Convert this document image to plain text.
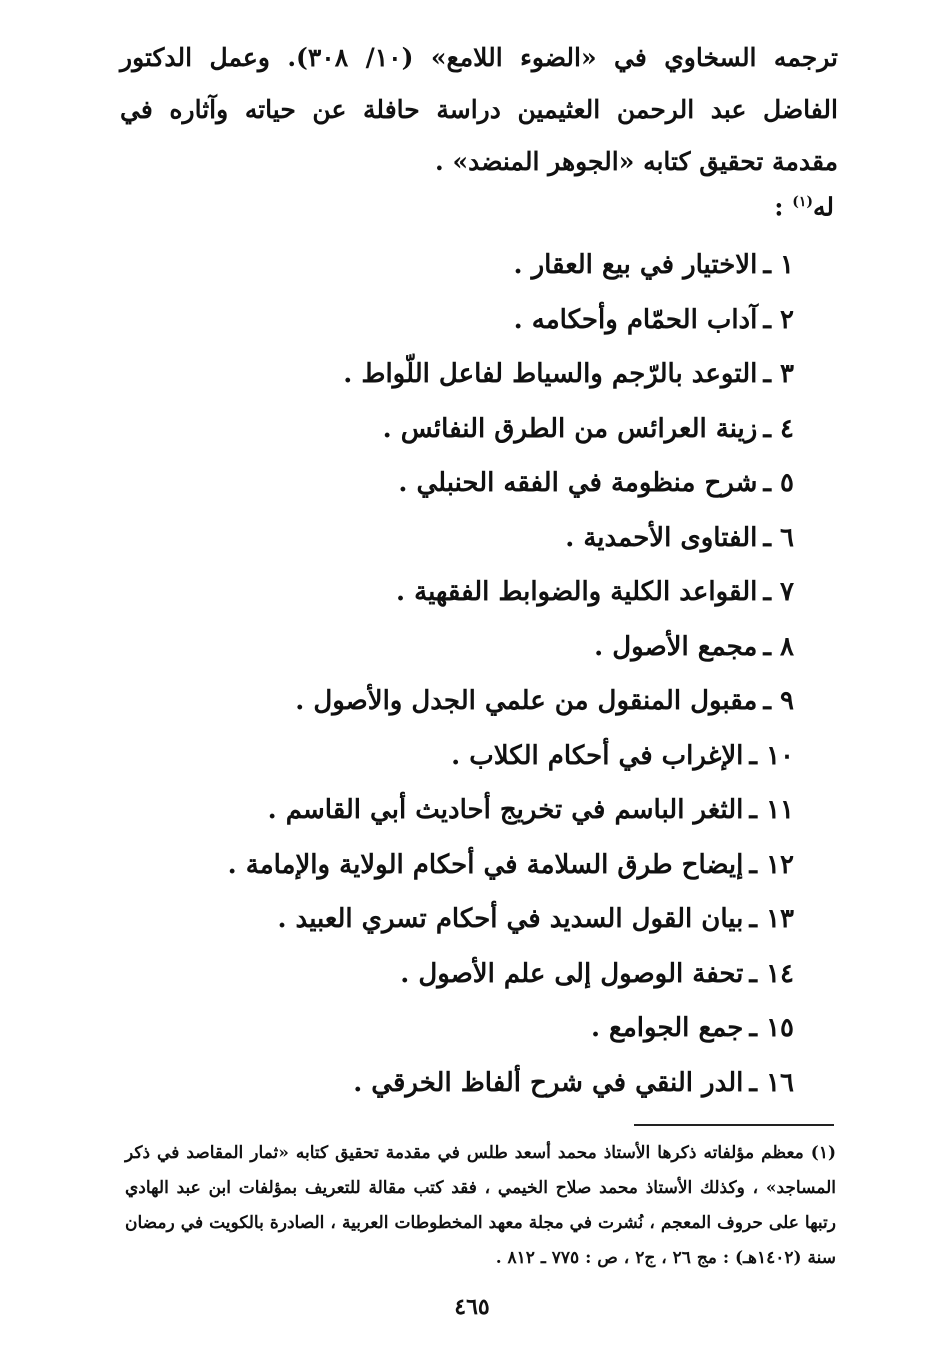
ترجمه السخاوي في «الضوء اللامع» (١٠/ ٣٠٨). وعمل الدكتور الفاضل عبد الرحمن العثيمين دراسة حافلة عن حياته وآثاره في مقدمة تحقيق كتابه «الجوهر المنضد» .

له$^{(١)}$ :
١ ـالاختيار في بيع العقار .
٢ ـآداب الحمّام وأحكامه .
٣ ـالتوعد بالرّجم والسياط لفاعل اللّواط .
٤ ـزينة العرائس من الطرق النفائس .
٥ ـشرح منظومة في الفقه الحنبلي .
٦ ـالفتاوى الأحمدية .
٧ ـالقواعد الكلية والضوابط الفقهية .
٨ ـمجمع الأصول .
٩ ـمقبول المنقول من علمي الجدل والأصول .
١٠ ـالإغراب في أحكام الكلاب .
١١ ـالثغر الباسم في تخريج أحاديث أبي القاسم .
١٢ ـإيضاح طرق السلامة في أحكام الولاية والإمامة .
١٣ ـبيان القول السديد في أحكام تسري العبيد .
١٤ ـتحفة الوصول إلى علم الأصول .
١٥ ـجمع الجوامع .
١٦ ـالدر النقي في شرح ألفاظ الخرقي .

(١) معظم مؤلفاته ذكرها الأستاذ محمد أسعد طلس في مقدمة تحقيق كتابه «ثمار المقاصد في ذكر المساجد» ، وكذلك الأستاذ محمد صلاح الخيمي ، فقد كتب مقالة للتعريف بمؤلفات ابن عبد الهادي رتبها على حروف المعجم ، نُشرت في مجلة معهد المخطوطات العربية ، الصادرة بالكويت في رمضان سنة (١٤٠٢هـ) : مج ٢٦ ، ج٢ ، ص : ٧٧٥ ـ ٨١٢ .

٤٦٥
